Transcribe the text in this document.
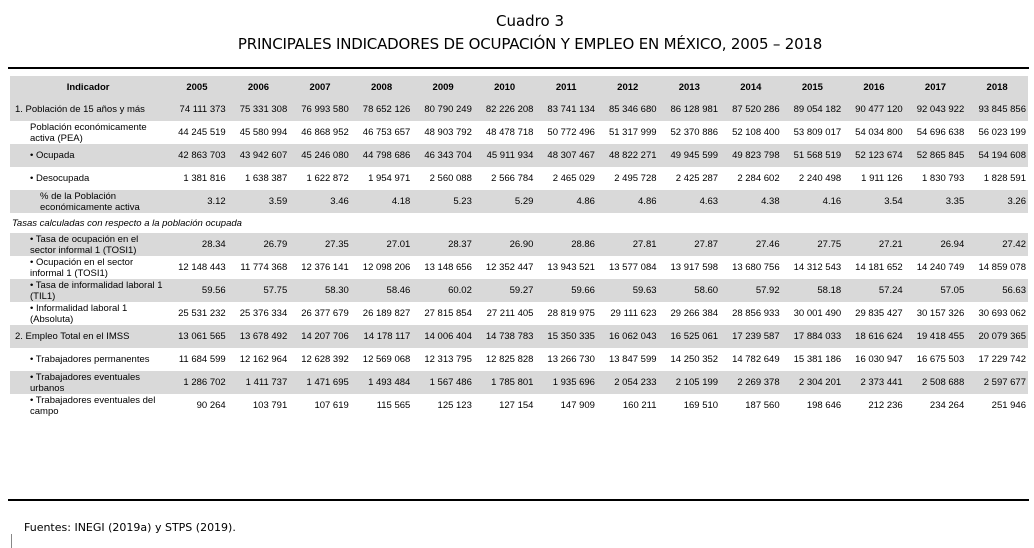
Cuadro 3
PRINCIPALES INDICADORES DE OCUPACIÓN Y EMPLEO EN MÉXICO, 2005 – 2018
Indicador	2005	2006	2007	2008	2009	2010	2011	2012	2013	2014	2015	2016	2017	2018
1. Población de 15 años y más	74 111 373	75 331 308	76 993 580	78 652 126	80 790 249	82 226 208	83 741 134	85 346 680	86 128 981	87 520 286	89 054 182	90 477 120	92 043 922	93 845 856
Población económicamente activa (PEA)	44 245 519	45 580 994	46 868 952	46 753 657	48 903 792	48 478 718	50 772 496	51 317 999	52 370 886	52 108 400	53 809 017	54 034 800	54 696 638	56 023 199
• Ocupada	42 863 703	43 942 607	45 246 080	44 798 686	46 343 704	45 911 934	48 307 467	48 822 271	49 945 599	49 823 798	51 568 519	52 123 674	52 865 845	54 194 608
• Desocupada	1 381 816	1 638 387	1 622 872	1 954 971	2 560 088	2 566 784	2 465 029	2 495 728	2 425 287	2 284 602	2 240 498	1 911 126	1 830 793	1 828 591
% de la Población económicamente activa	3.12	3.59	3.46	4.18	5.23	5.29	4.86	4.86	4.63	4.38	4.16	3.54	3.35	3.26
Tasas calculadas con respecto a la población ocupada														
• Tasa de ocupación en el sector informal 1 (TOSI1)	28.34	26.79	27.35	27.01	28.37	26.90	28.86	27.81	27.87	27.46	27.75	27.21	26.94	27.42
• Ocupación en el sector informal 1 (TOSI1)	12 148 443	11 774 368	12 376 141	12 098 206	13 148 656	12 352 447	13 943 521	13 577 084	13 917 598	13 680 756	14 312 543	14 181 652	14 240 749	14 859 078
• Tasa de informalidad laboral 1 (TIL1)	59.56	57.75	58.30	58.46	60.02	59.27	59.66	59.63	58.60	57.92	58.18	57.24	57.05	56.63
• Informalidad laboral 1 (Absoluta)	25 531 232	25 376 334	26 377 679	26 189 827	27 815 854	27 211 405	28 819 975	29 111 623	29 266 384	28 856 933	30 001 490	29 835 427	30 157 326	30 693 062
2. Empleo Total en el IMSS	13 061 565	13 678 492	14 207 706	14 178 117	14 006 404	14 738 783	15 350 335	16 062 043	16 525 061	17 239 587	17 884 033	18 616 624	19 418 455	20 079 365
• Trabajadores permanentes	11 684 599	12 162 964	12 628 392	12 569 068	12 313 795	12 825 828	13 266 730	13 847 599	14 250 352	14 782 649	15 381 186	16 030 947	16 675 503	17 229 742
• Trabajadores eventuales urbanos	1 286 702	1 411 737	1 471 695	1 493 484	1 567 486	1 785 801	1 935 696	2 054 233	2 105 199	2 269 378	2 304 201	2 373 441	2 508 688	2 597 677
• Trabajadores eventuales del campo	90 264	103 791	107 619	115 565	125 123	127 154	147 909	160 211	169 510	187 560	198 646	212 236	234 264	251 946
Fuentes: INEGI (2019a) y STPS (2019).
